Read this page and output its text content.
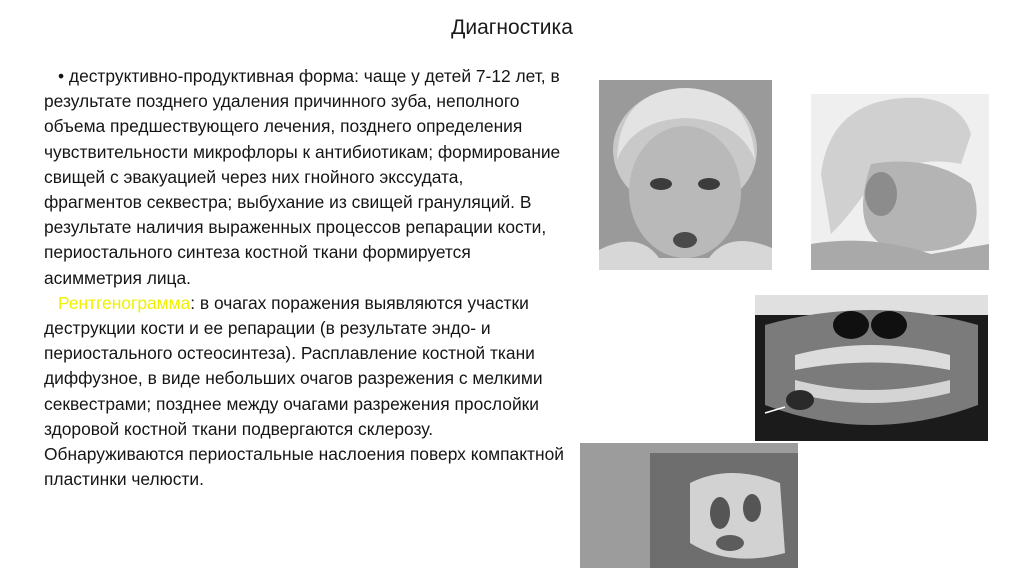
Диагностика

• деструктивно-продуктивная форма: чаще у детей 7-12 лет, в результате позднего удаления причинного зуба, неполного объема предшествующего лечения, позднего определения чувствительности микрофлоры к антибиотикам; формирование свищей с эвакуацией через них гнойного экссудата, фрагментов секвестра; выбухание из свищей грануляций. В результате наличия выраженных процессов репарации кости, периостального синтеза костной ткани формируется асимметрия лица.

Рентгенограмма: в очагах поражения выявляются участки деструкции кости и ее репарации (в результате эндо- и периостального остеосинтеза). Расплавление костной ткани диффузное, в виде небольших очагов разрежения с мелкими секвестрами; позднее между очагами разрежения прослойки здоровой костной ткани подвергаются склерозу. Обнаруживаются периостальные наслоения поверх компактной пластинки челюсти.
